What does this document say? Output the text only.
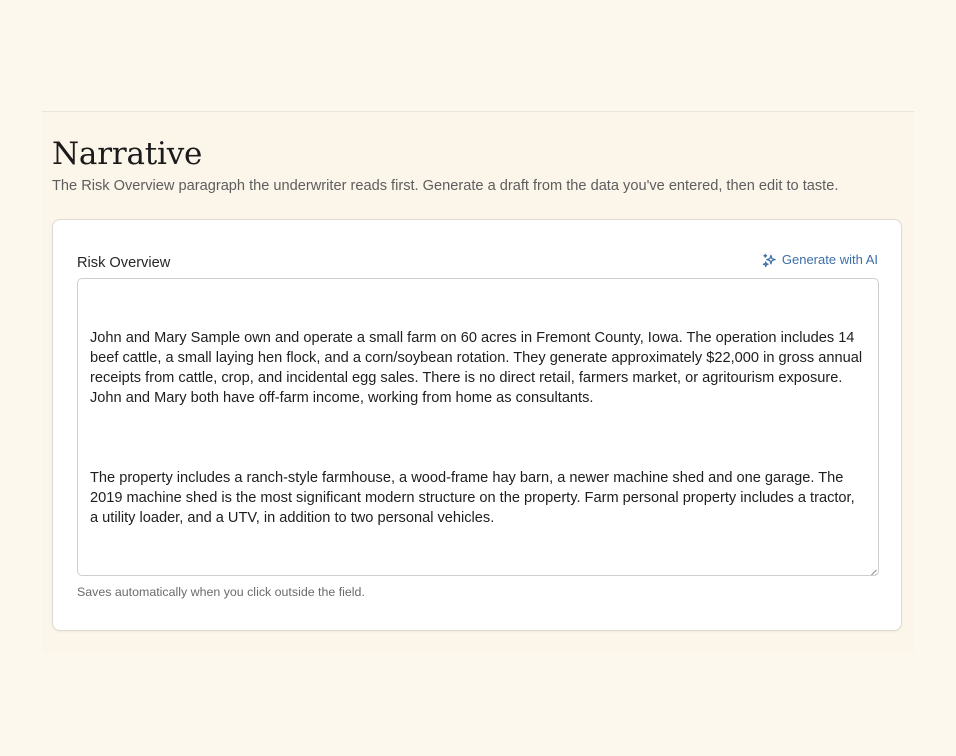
Narrative

The Risk Overview paragraph the underwriter reads first. Generate a draft from the data you've entered, then edit to taste.

Risk Overview	Generate with AI

John and Mary Sample own and operate a small farm on 60 acres in Fremont County, Iowa. The operation includes 14 beef cattle, a small laying hen flock, and a corn/soybean rotation. They generate approximately $22,000 in gross annual receipts from cattle, crop, and incidental egg sales. There is no direct retail, farmers market, or agritourism exposure. John and Mary both have off-farm income, working from home as consultants.

The property includes a ranch-style farmhouse, a wood-frame hay barn, a newer machine shed and one garage. The 2019 machine shed is the most significant modern structure on the property. Farm personal property includes a tractor, a utility loader, and a UTV, in addition to two personal vehicles.

Saves automatically when you click outside the field.
